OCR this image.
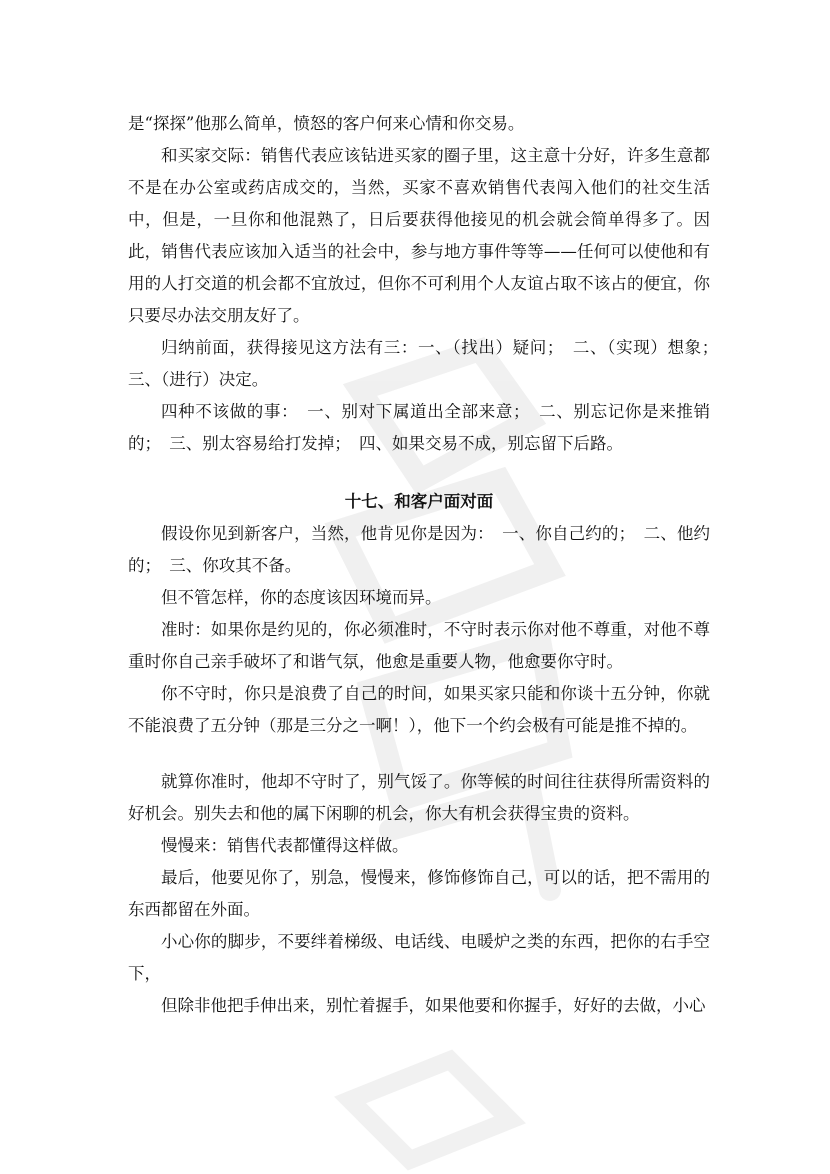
是“探探”他那么简单，愤怒的客户何来心情和你交易。

和买家交际：销售代表应该钻进买家的圈子里，这主意十分好，许多生意都不是在办公室或药店成交的，当然，买家不喜欢销售代表闯入他们的社交生活中，但是，一旦你和他混熟了，日后要获得他接见的机会就会简单得多了。因此，销售代表应该加入适当的社会中，参与地方事件等等——任何可以使他和有用的人打交道的机会都不宜放过，但你不可利用个人友谊占取不该占的便宜，你只要尽办法交朋友好了。

归纳前面，获得接见这方法有三：一、（找出）疑问；　二、（实现）想象；　三、（进行）决定。

四种不该做的事：　一、别对下属道出全部来意；　二、别忘记你是来推销的；　三、别太容易给打发掉；　四、如果交易不成，别忘留下后路。

十七、和客户面对面

假设你见到新客户，当然，他肯见你是因为：　一、你自己约的；　二、他约的；　三、你攻其不备。

但不管怎样，你的态度该因环境而异。

准时：如果你是约见的，你必须准时，不守时表示你对他不尊重，对他不尊重时你自己亲手破坏了和谐气氛，他愈是重要人物，他愈要你守时。

你不守时，你只是浪费了自己的时间，如果买家只能和你谈十五分钟，你就不能浪费了五分钟（那是三分之一啊！），他下一个约会极有可能是推不掉的。

就算你准时，他却不守时了，别气馁了。你等候的时间往往获得所需资料的好机会。别失去和他的属下闲聊的机会，你大有机会获得宝贵的资料。

慢慢来：销售代表都懂得这样做。

最后，他要见你了，别急，慢慢来，修饰修饰自己，可以的话，把不需用的东西都留在外面。

小心你的脚步，不要绊着梯级、电话线、电暖炉之类的东西，把你的右手空下，

但除非他把手伸出来，别忙着握手，如果他要和你握手，好好的去做，小心
